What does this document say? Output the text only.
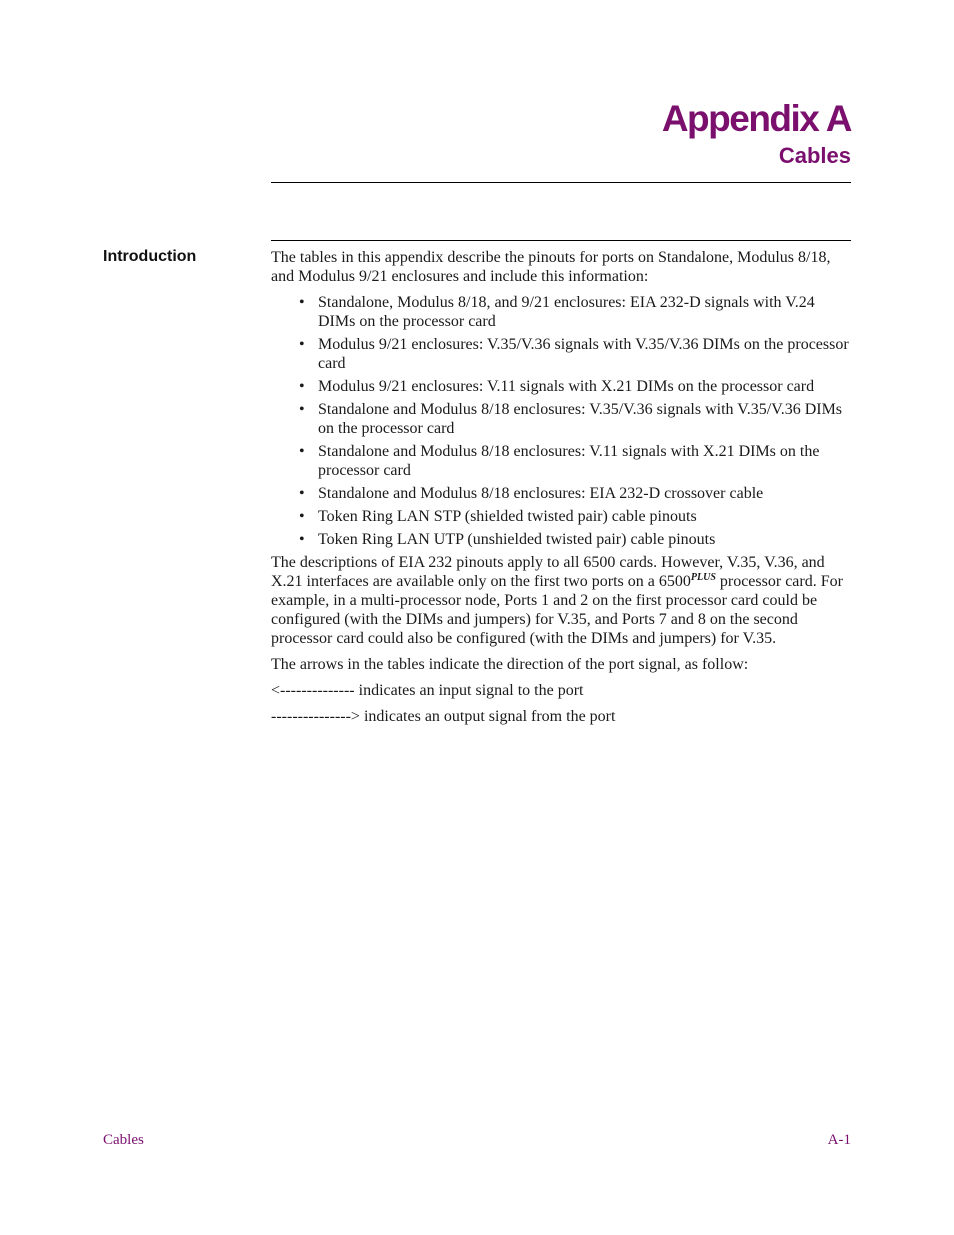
Appendix A
Cables
Introduction	The tables in this appendix describe the pinouts for ports on Standalone, Modulus 8/18, and Modulus 9/21 enclosures and include this information:

• Standalone, Modulus 8/18, and 9/21 enclosures: EIA 232-D signals with V.24 DIMs on the processor card
• Modulus 9/21 enclosures: V.35/V.36 signals with V.35/V.36 DIMs on the processor card
• Modulus 9/21 enclosures: V.11 signals with X.21 DIMs on the processor card
• Standalone and Modulus 8/18 enclosures: V.35/V.36 signals with V.35/V.36 DIMs on the processor card
• Standalone and Modulus 8/18 enclosures: V.11 signals with X.21 DIMs on the processor card
• Standalone and Modulus 8/18 enclosures: EIA 232-D crossover cable
• Token Ring LAN STP (shielded twisted pair) cable pinouts
• Token Ring LAN UTP (unshielded twisted pair) cable pinouts

The descriptions of EIA 232 pinouts apply to all 6500 cards. However, V.35, V.36, and X.21 interfaces are available only on the first two ports on a $6500^{PLUS}$ processor card. For example, in a multi-processor node, Ports 1 and 2 on the first processor card could be configured (with the DIMs and jumpers) for V.35, and Ports 7 and 8 on the second processor card could also be configured (with the DIMs and jumpers) for V.35.

The arrows in the tables indicate the direction of the port signal, as follow:

<-------------- indicates an input signal to the port

---------------> indicates an output signal from the port

Cables	A-1
